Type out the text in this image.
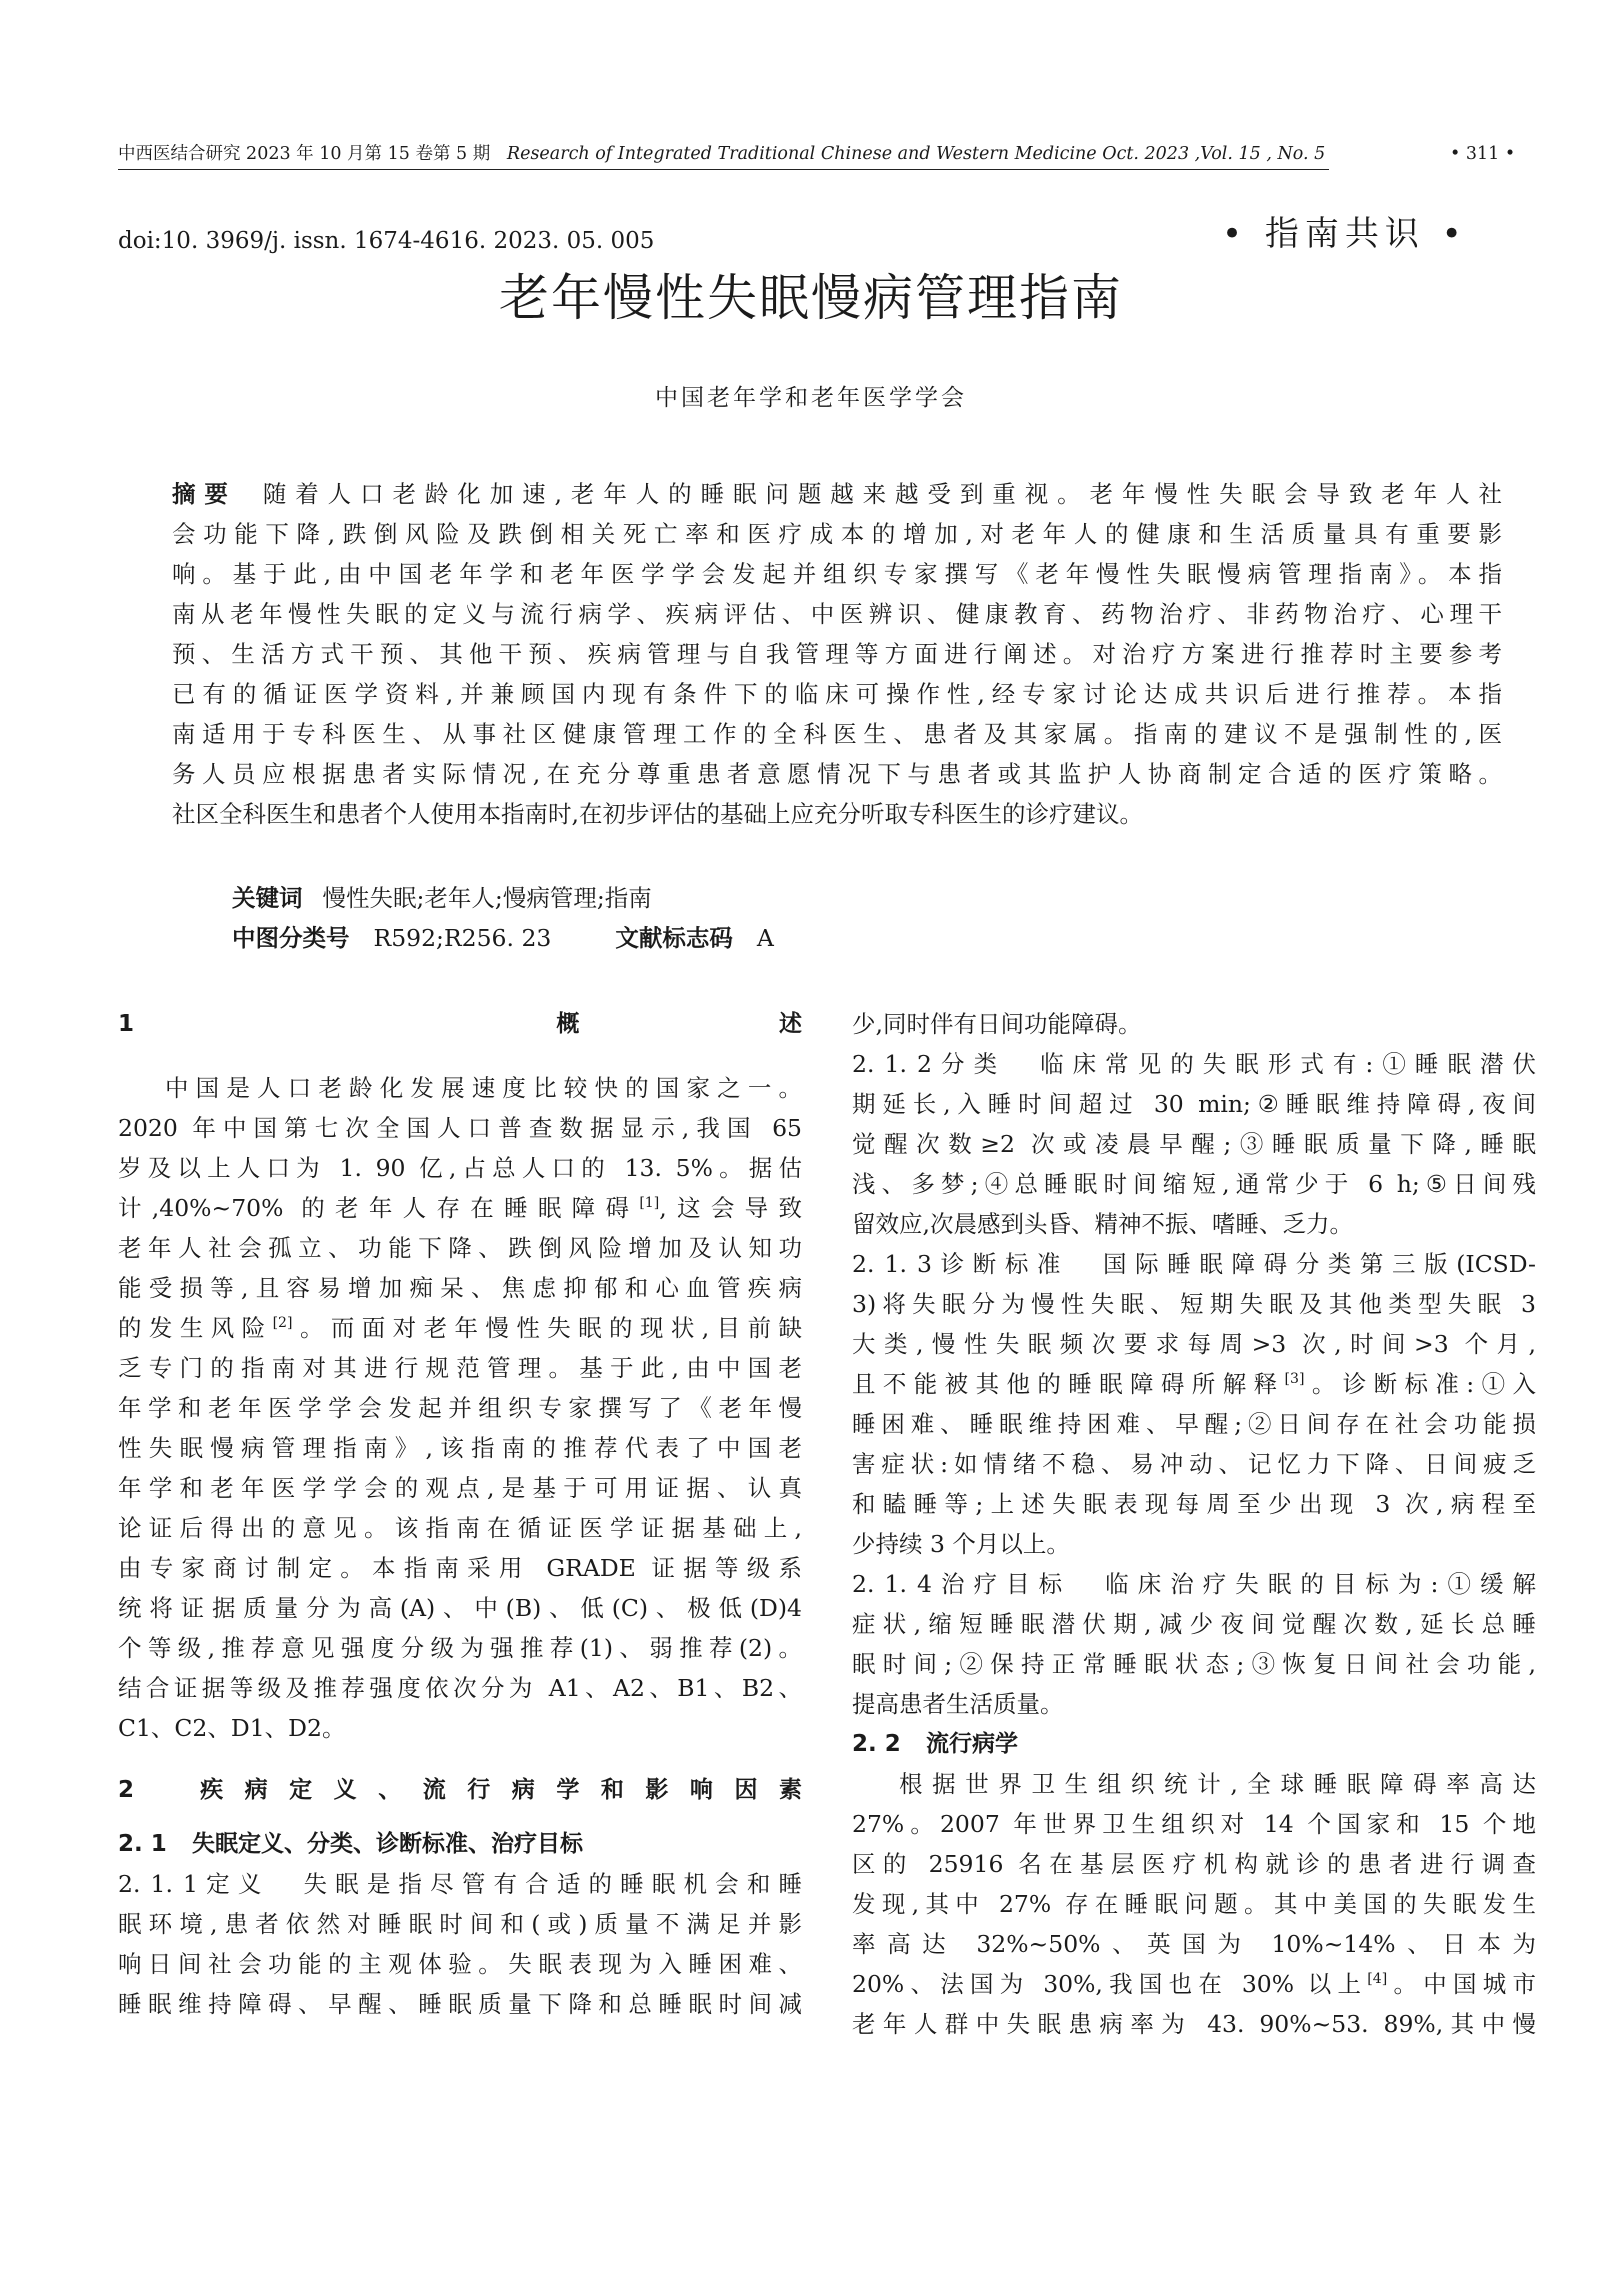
中西医结合研究 2023 年 10 月第 15 卷第 5 期 Research of Integrated Traditional Chinese and Western Medicine Oct. 2023 ,Vol. 15 , No. 5	• 311 •
doi:10. 3969/j. issn. 1674-4616. 2023. 05. 005	• 指南共识 •
老年慢性失眠慢病管理指南
中国老年学和老年医学学会

摘要 随着人口老龄化加速,老年人的睡眠问题越来越受到重视。老年慢性失眠会导致老年人社

会功能下降,跌倒风险及跌倒相关死亡率和医疗成本的增加,对老年人的健康和生活质量具有重要影

响。基于此,由中国老年学和老年医学学会发起并组织专家撰写《老年慢性失眠慢病管理指南》。本指

南从老年慢性失眠的定义与流行病学、疾病评估、中医辨识、健康教育、药物治疗、非药物治疗、心理干

预、生活方式干预、其他干预、疾病管理与自我管理等方面进行阐述。对治疗方案进行推荐时主要参考

已有的循证医学资料,并兼顾国内现有条件下的临床可操作性,经专家讨论达成共识后进行推荐。本指

南适用于专科医生、从事社区健康管理工作的全科医生、患者及其家属。指南的建议不是强制性的,医

务人员应根据患者实际情况,在充分尊重患者意愿情况下与患者或其监护人协商制定合适的医疗策略。

社区全科医生和患者个人使用本指南时,在初步评估的基础上应充分听取专科医生的诊疗建议。

关键词 慢性失眠;老年人;慢病管理;指南

中图分类号 R592;R256. 23	文献标志码 A

1　概述

中国是人口老龄化发展速度比较快的国家之一。

2020 年中国第七次全国人口普查数据显示,我国 65

岁及以上人口为 1. 90 亿,占总人口的 13. 5%。据估

计,40%~70% 的老年人存在睡眠障碍[1],这会导致

老年人社会孤立、功能下降、跌倒风险增加及认知功

能受损等,且容易增加痴呆、焦虑抑郁和心血管疾病

的发生风险[2]。而面对老年慢性失眠的现状,目前缺

乏专门的指南对其进行规范管理。基于此,由中国老

年学和老年医学学会发起并组织专家撰写了《老年慢

性失眠慢病管理指南》,该指南的推荐代表了中国老

年学和老年医学学会的观点,是基于可用证据、认真

论证后得出的意见。该指南在循证医学证据基础上,

由专家商讨制定。本指南采用 GRADE 证据等级系

统将证据质量分为高(A)、中(B)、低(C)、极低(D)4

个等级,推荐意见强度分级为强推荐(1)、弱推荐(2)。

结合证据等级及推荐强度依次分为 A1、A2、B1、B2、

C1、C2、D1、D2。

2　疾病定义、流行病学和影响因素

2. 1 失眠定义、分类、诊断标准、治疗目标

2. 1. 1定义 失眠是指尽管有合适的睡眠机会和睡

眠环境,患者依然对睡眠时间和(或)质量不满足并影

响日间社会功能的主观体验。失眠表现为入睡困难、

睡眠维持障碍、早醒、睡眠质量下降和总睡眠时间减

少,同时伴有日间功能障碍。

2. 1. 2分类 临床常见的失眠形式有:①睡眠潜伏

期延长,入睡时间超过 30 min;②睡眠维持障碍,夜间

觉醒次数≥2 次或凌晨早醒;③睡眠质量下降,睡眠

浅、多梦;④总睡眠时间缩短,通常少于 6 h;⑤日间残

留效应,次晨感到头昏、精神不振、嗜睡、乏力。

2. 1. 3诊断标准 国际睡眠障碍分类第三版(ICSD-

3)将失眠分为慢性失眠、短期失眠及其他类型失眠 3

大类,慢性失眠频次要求每周>3 次,时间>3 个月,

且不能被其他的睡眠障碍所解释[3]。诊断标准:①入

睡困难、睡眠维持困难、早醒;②日间存在社会功能损

害症状:如情绪不稳、易冲动、记忆力下降、日间疲乏

和瞌睡等;上述失眠表现每周至少出现 3 次,病程至

少持续 3 个月以上。

2. 1. 4治疗目标 临床治疗失眠的目标为:①缓解

症状,缩短睡眠潜伏期,减少夜间觉醒次数,延长总睡

眠时间;②保持正常睡眠状态;③恢复日间社会功能,

提高患者生活质量。

2. 2 流行病学

根据世界卫生组织统计,全球睡眠障碍率高达

27%。2007 年世界卫生组织对 14 个国家和 15 个地

区的 25916 名在基层医疗机构就诊的患者进行调查

发现,其中 27% 存在睡眠问题。其中美国的失眠发生

率高达 32%~50%、英国为 10%~14%、日本为

20%、法国为 30%,我国也在 30% 以上[4]。中国城市

老年人群中失眠患病率为 43. 90%~53. 89%,其中慢
